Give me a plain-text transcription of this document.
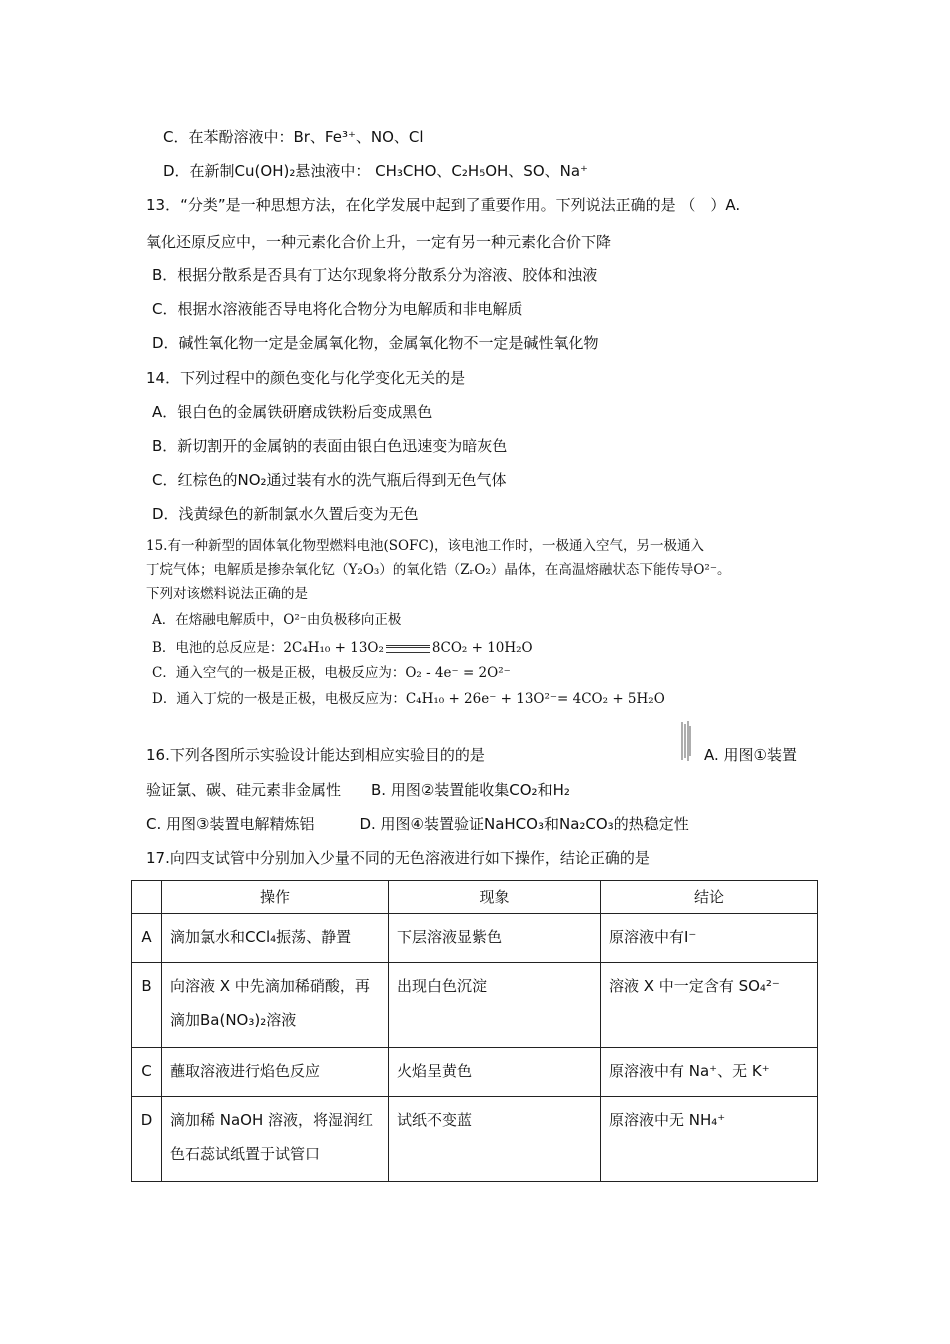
C．在苯酚溶液中：Br、Fe³⁺、NO、Cl
D．在新制Cu(OH)₂悬浊液中： CH₃CHO、C₂H₅OH、SO、Na⁺
13．“分类”是一种思想方法，在化学发展中起到了重要作用。下列说法正确的是 （　）A.
氧化还原反应中，一种元素化合价上升，一定有另一种元素化合价下降
B．根据分散系是否具有丁达尔现象将分散系分为溶液、胶体和浊液
C．根据水溶液能否导电将化合物分为电解质和非电解质
D．碱性氧化物一定是金属氧化物，金属氧化物不一定是碱性氧化物
14．下列过程中的颜色变化与化学变化无关的是
A．银白色的金属铁研磨成铁粉后变成黑色
B．新切割开的金属钠的表面由银白色迅速变为暗灰色
C．红棕色的NO₂通过装有水的洗气瓶后得到无色气体
D．浅黄绿色的新制氯水久置后变为无色
15.有一种新型的固体氧化物型燃料电池(SOFC)，该电池工作时，一极通入空气，另一极通入
丁烷气体；电解质是掺杂氧化钇（Y₂O₃）的氧化锆（ZᵣO₂）晶体，在高温熔融状态下能传导O²⁻。
下列对该燃料说法正确的是
A．在熔融电解质中，O²⁻由负极移向正极
B．电池的总反应是：2C₄H₁₀ + 13O₂	8CO₂ + 10H₂O
C．通入空气的一极是正极，电极反应为：O₂ - 4e⁻ = 2O²⁻
D．通入丁烷的一极是正极，电极反应为：C₄H₁₀ + 26e⁻ + 13O²⁻= 4CO₂ + 5H₂O
16.下列各图所示实验设计能达到相应实验目的的是	A. 用图①装置
验证氯、碳、硅元素非金属性　　B. 用图②装置能收集CO₂和H₂
C. 用图③装置电解精炼铝　　　D. 用图④装置验证NaHCO₃和Na₂CO₃的热稳定性
17.向四支试管中分别加入少量不同的无色溶液进行如下操作，结论正确的是
	操作	现象	结论
A	滴加氯水和CCl₄振荡、静置	下层溶液显紫色	原溶液中有I⁻
B	向溶液 X 中先滴加稀硝酸，再滴加Ba(NO₃)₂溶液	出现白色沉淀	溶液 X 中一定含有 SO₄²⁻
C	蘸取溶液进行焰色反应	火焰呈黄色	原溶液中有 Na⁺、无 K⁺
D	滴加稀 NaOH 溶液，将湿润红色石蕊试纸置于试管口	试纸不变蓝	原溶液中无 NH₄⁺
